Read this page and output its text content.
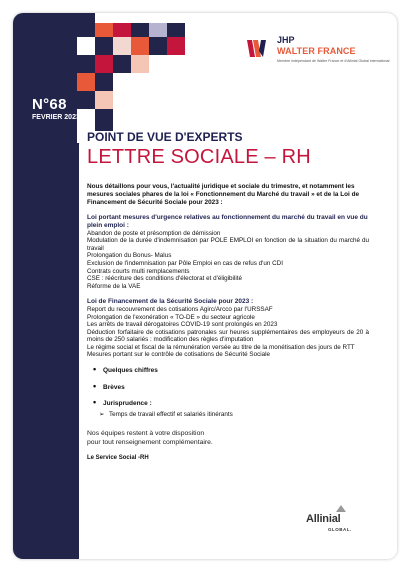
JHP
WALTER FRANCE
Membre indépendant de Walter France et d'Allinial Global international
N°68
FEVRIER 2023
POINT DE VUE D'EXPERTS
LETTRE SOCIALE – RH
Nous détaillons pour vous, l'actualité juridique et sociale du trimestre, et notamment les mesures sociales phares de la loi « Fonctionnement du Marché du travail » et de la Loi de Financement de Sécurité Sociale pour 2023 :
Loi portant mesures d'urgence relatives au fonctionnement du marché du travail en vue du plein emploi :
Abandon de poste et présomption de démission
Modulation de la durée d'indemnisation par POLE EMPLOI en fonction de la situation du marché du travail
Prolongation du Bonus- Malus
Exclusion de l'indemnisation par Pôle Emploi en cas de refus d'un CDI
Contrats courts multi remplacements
CSE : réécriture des conditions d'électorat et d'éligibilité
Réforme de la VAE
Loi de Financement de la Sécurité Sociale pour 2023 :
Report du recouvrement des cotisations Agirc/Arcco par l'URSSAF
Prolongation de l'exonération « TO-DE » du secteur agricole
Les arrêts de travail dérogatoires COVID-19 sont prolongés en 2023
Déduction forfaitaire de cotisations patronales sur heures supplémentaires des employeurs de 20 à moins de 250 salariés : modification des règles d'imputation
Le régime social et fiscal de la rémunération versée au titre de la monétisation des jours de RTT
Mesures portant sur le contrôle de cotisations de Sécurité Sociale
• Quelques chiffres
• Brèves
• Jurisprudence :
➢ Temps de travail effectif et salariés itinérants
Nos équipes restent à votre disposition
pour tout renseignement complémentaire.
Le Service Social -RH
Allinial
GLOBAL.
